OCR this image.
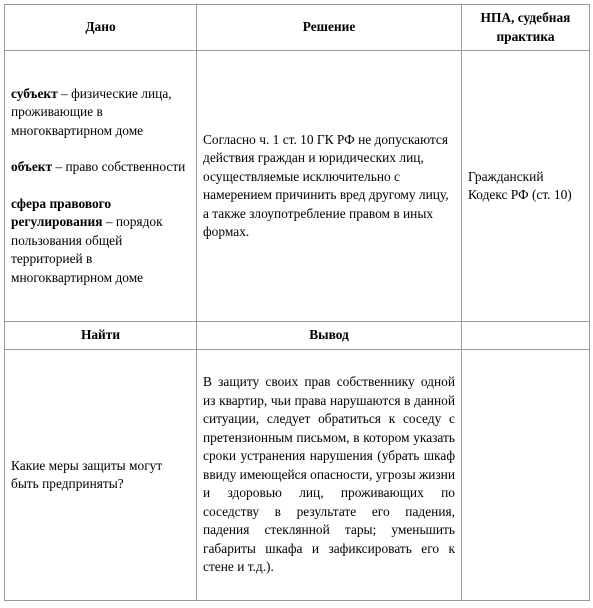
Дано	Решение	НПА, судебная практика

субъект – физические лица, проживающие в многоквартирном доме
объект – право собственности
сфера правового регулирования – порядок пользования общей территорией в многоквартирном доме	Согласно ч. 1 ст. 10 ГК РФ не допускаются действия граждан и юридических лиц, осуществляемые исключительно с намерением причинить вред другому лицу, а также злоупотребление правом в иных формах.	Гражданский Кодекс РФ (ст. 10)
Найти	Вывод	
Какие меры защиты могут быть предприняты?	В защиту своих прав собственнику одной из квартир, чьи права нарушаются в данной ситуации, следует обратиться к соседу с претензионным письмом, в котором указать сроки устранения нарушения (убрать шкаф ввиду имеющейся опасности, угрозы жизни и здоровью лиц, проживающих по соседству в результате его падения, падения стеклянной тары; уменьшить габариты шкафа и зафиксировать его к стене и т.д.).	
